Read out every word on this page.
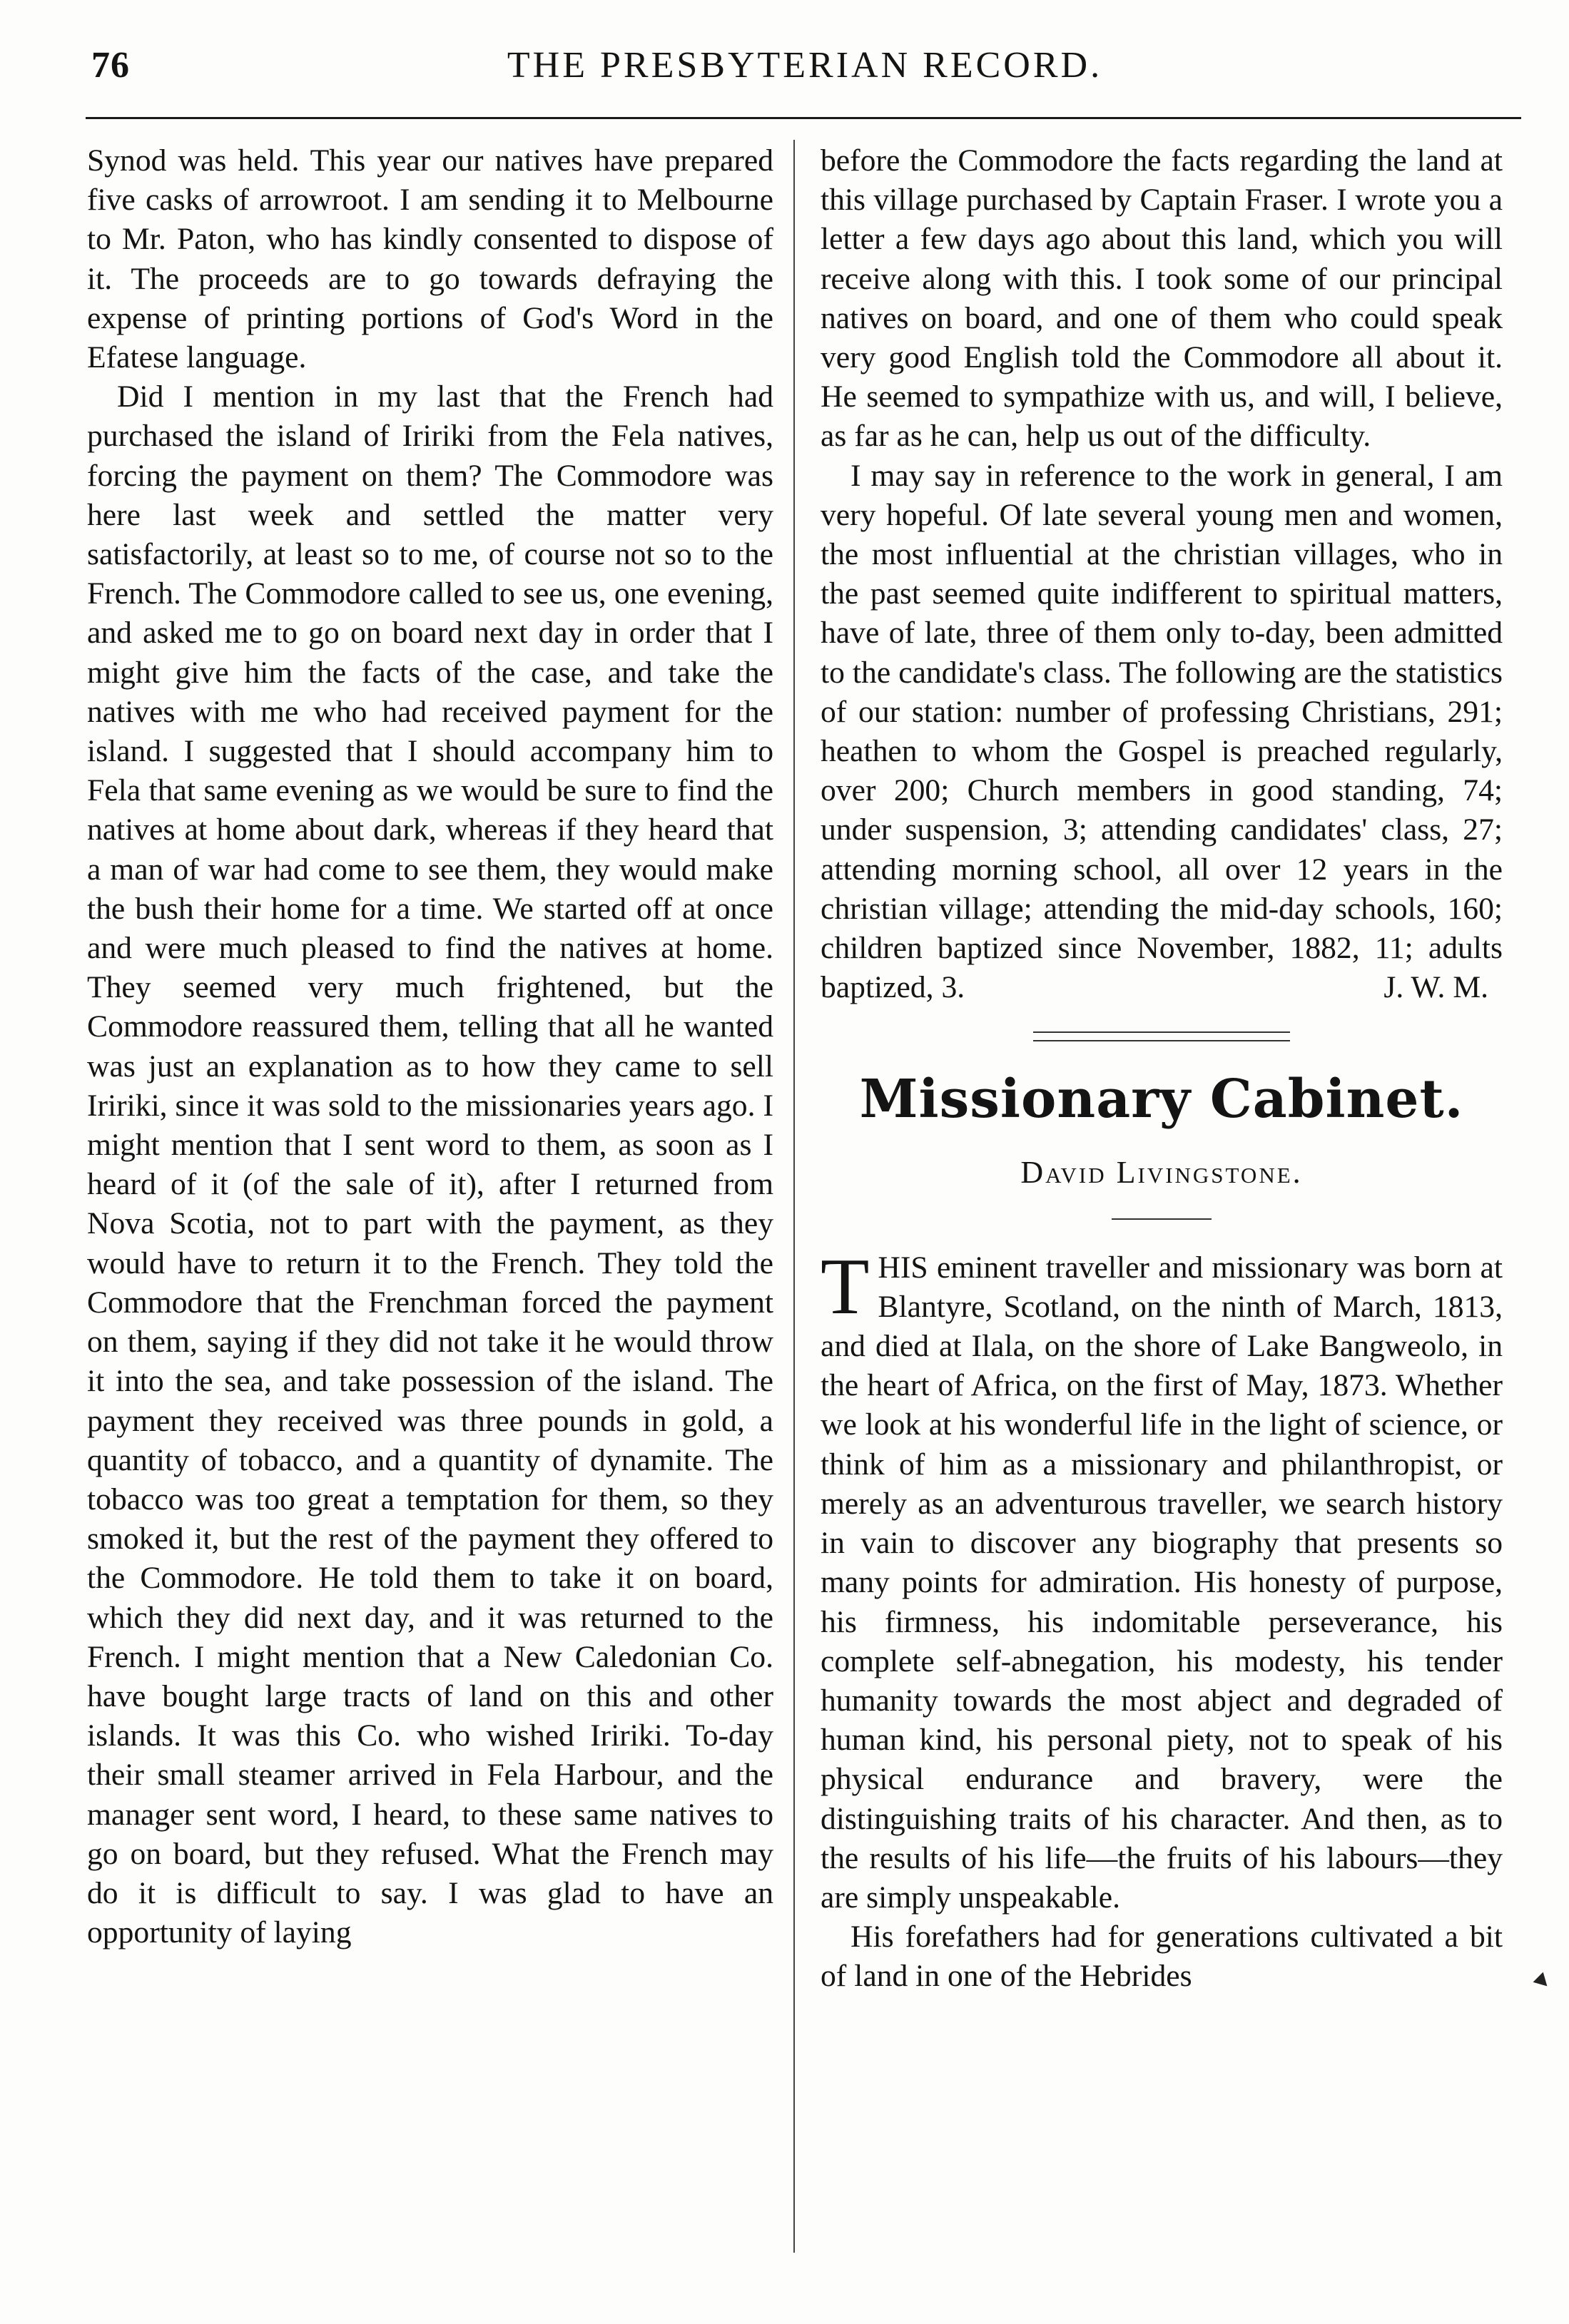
76	THE PRESBYTERIAN RECORD.

Synod was held. This year our natives have prepared five casks of arrowroot. I am sending it to Melbourne to Mr. Paton, who has kindly consented to dispose of it. The proceeds are to go towards defraying the expense of printing portions of God's Word in the Efatese language.

Did I mention in my last that the French had purchased the island of Iririki from the Fela natives, forcing the payment on them? The Commodore was here last week and settled the matter very satisfactorily, at least so to me, of course not so to the French. The Commodore called to see us, one evening, and asked me to go on board next day in order that I might give him the facts of the case, and take the natives with me who had received payment for the island. I suggested that I should accompany him to Fela that same evening as we would be sure to find the natives at home about dark, whereas if they heard that a man of war had come to see them, they would make the bush their home for a time. We started off at once and were much pleased to find the natives at home. They seemed very much frightened, but the Commodore reassured them, telling that all he wanted was just an explanation as to how they came to sell Iririki, since it was sold to the missionaries years ago. I might mention that I sent word to them, as soon as I heard of it (of the sale of it), after I returned from Nova Scotia, not to part with the payment, as they would have to return it to the French. They told the Commodore that the Frenchman forced the payment on them, saying if they did not take it he would throw it into the sea, and take possession of the island. The payment they received was three pounds in gold, a quantity of tobacco, and a quantity of dynamite. The tobacco was too great a temptation for them, so they smoked it, but the rest of the payment they offered to the Commodore. He told them to take it on board, which they did next day, and it was returned to the French. I might mention that a New Caledonian Co. have bought large tracts of land on this and other islands. It was this Co. who wished Iririki. To-day their small steamer arrived in Fela Harbour, and the manager sent word, I heard, to these same natives to go on board, but they refused. What the French may do it is difficult to say. I was glad to have an opportunity of laying

before the Commodore the facts regarding the land at this village purchased by Captain Fraser. I wrote you a letter a few days ago about this land, which you will receive along with this. I took some of our principal natives on board, and one of them who could speak very good English told the Commodore all about it. He seemed to sympathize with us, and will, I believe, as far as he can, help us out of the difficulty.

I may say in reference to the work in general, I am very hopeful. Of late several young men and women, the most influential at the christian villages, who in the past seemed quite indifferent to spiritual matters, have of late, three of them only to-day, been admitted to the candidate's class. The following are the statistics of our station: number of professing Christians, 291; heathen to whom the Gospel is preached regularly, over 200; Church members in good standing, 74; under suspension, 3; attending candidates' class, 27; attending morning school, all over 12 years in the christian village; attending the mid-day schools, 160; children baptized since November, 1882, 11; adults baptized, 3.	J. W. M.

Missionary Cabinet.
David Livingstone.

THIS eminent traveller and missionary was born at Blantyre, Scotland, on the ninth of March, 1813, and died at Ilala, on the shore of Lake Bangweolo, in the heart of Africa, on the first of May, 1873. Whether we look at his wonderful life in the light of science, or think of him as a missionary and philanthropist, or merely as an adventurous traveller, we search history in vain to discover any biography that presents so many points for admiration. His honesty of purpose, his firmness, his indomitable perseverance, his complete self-abnegation, his modesty, his tender humanity towards the most abject and degraded of human kind, his personal piety, not to speak of his physical endurance and bravery, were the distinguishing traits of his character. And then, as to the results of his life—the fruits of his labours—they are simply unspeakable.

His forefathers had for generations cultivated a bit of land in one of the Hebrides
